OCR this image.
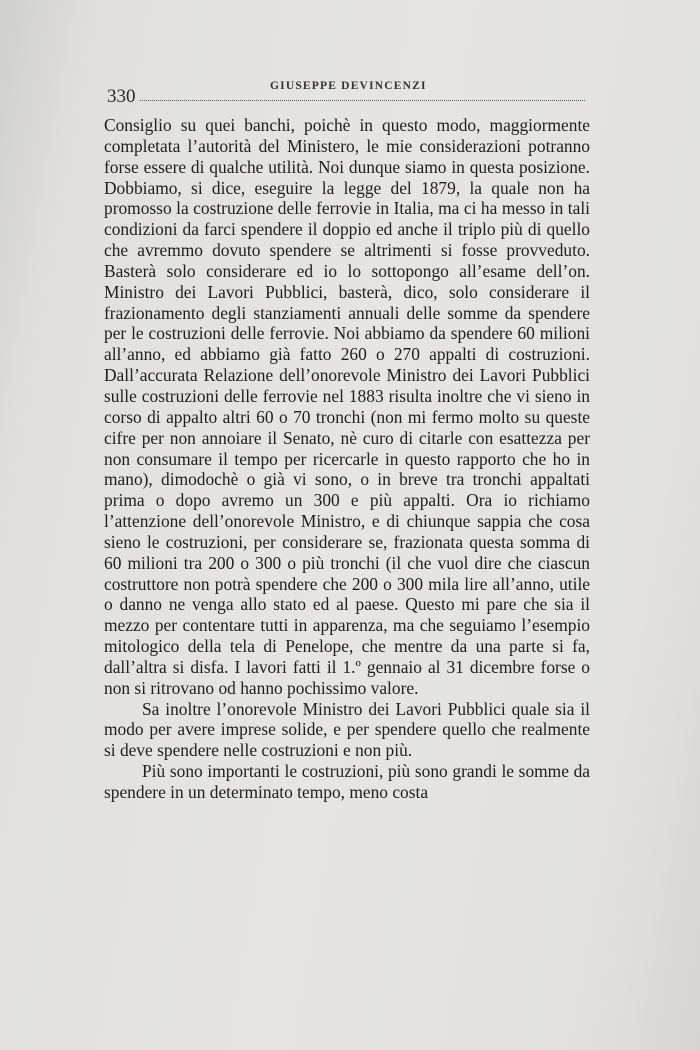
330	GIUSEPPE DEVINCENZI

Consiglio su quei banchi, poichè in questo modo, maggiormente completata l’autorità del Ministero, le mie considerazioni potranno forse essere di qualche utilità. Noi dunque siamo in questa posizione. Dobbiamo, si dice, eseguire la legge del 1879, la quale non ha promosso la costruzione delle ferrovie in Italia, ma ci ha messo in tali condizioni da farci spendere il doppio ed anche il triplo più di quello che avremmo dovuto spendere se altrimenti si fosse provveduto. Basterà solo considerare ed io lo sottopongo all’esame dell’on. Ministro dei Lavori Pubblici, basterà, dico, solo considerare il frazionamento degli stanziamenti annuali delle somme da spendere per le costruzioni delle ferrovie. Noi abbiamo da spendere 60 milioni all’anno, ed abbiamo già fatto 260 o 270 appalti di costruzioni. Dall’accurata Relazione dell’onorevole Ministro dei Lavori Pubblici sulle costruzioni delle ferrovie nel 1883 risulta inoltre che vi sieno in corso di appalto altri 60 o 70 tronchi (non mi fermo molto su queste cifre per non annoiare il Senato, nè curo di citarle con esattezza per non consumare il tempo per ricercarle in questo rapporto che ho in mano), dimodochè o già vi sono, o in breve tra tronchi appaltati prima o dopo avremo un 300 e più appalti. Ora io richiamo l’attenzione dell’onorevole Ministro, e di chiunque sappia che cosa sieno le costruzioni, per considerare se, frazionata questa somma di 60 milioni tra 200 o 300 o più tronchi (il che vuol dire che ciascun costruttore non potrà spendere che 200 o 300 mila lire all’anno, utile o danno ne venga allo stato ed al paese. Questo mi pare che sia il mezzo per contentare tutti in apparenza, ma che seguiamo l’esempio mitologico della tela di Penelope, che mentre da una parte si fa, dall’altra si disfa. I lavori fatti il 1.º gennaio al 31 dicembre forse o non si ritrovano od hanno pochissimo valore.

Sa inoltre l’onorevole Ministro dei Lavori Pubblici quale sia il modo per avere imprese solide, e per spendere quello che realmente si deve spendere nelle costruzioni e non più.

Più sono importanti le costruzioni, più sono grandi le somme da spendere in un determinato tempo, meno costa
